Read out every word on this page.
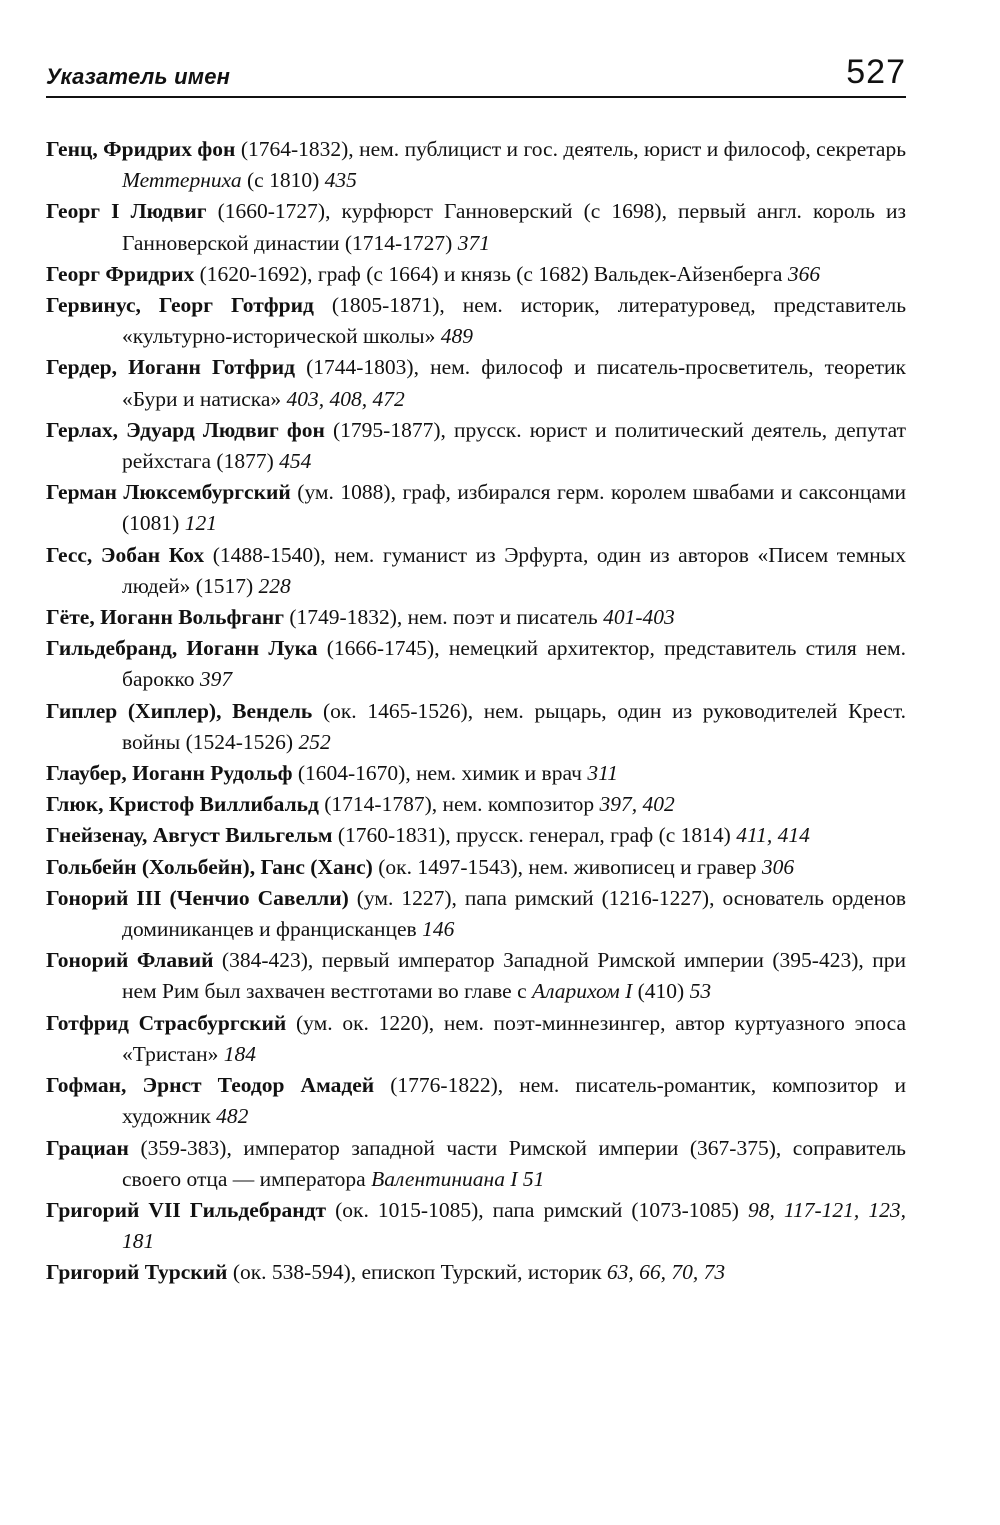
Указатель имен	527

Генц, Фридрих фон (1764-1832), нем. публицист и гос. деятель, юрист и философ, секретарь Меттерниха (с 1810) 435

Георг I Людвиг (1660-1727), курфюрст Ганноверский (с 1698), первый англ. король из Ганноверской династии (1714-1727) 371

Георг Фридрих (1620-1692), граф (с 1664) и князь (с 1682) Вальдек-Айзенберга 366

Гервинус, Георг Готфрид (1805-1871), нем. историк, литературовед, представитель «культурно-исторической школы» 489

Гердер, Иоганн Готфрид (1744-1803), нем. философ и писатель-просветитель, теоретик «Бури и натиска» 403, 408, 472

Герлах, Эдуард Людвиг фон (1795-1877), прусск. юрист и политический деятель, депутат рейхстага (1877) 454

Герман Люксембургский (ум. 1088), граф, избирался герм. королем швабами и саксонцами (1081) 121

Гесс, Эобан Кох (1488-1540), нем. гуманист из Эрфурта, один из авторов «Писем темных людей» (1517) 228

Гёте, Иоганн Вольфганг (1749-1832), нем. поэт и писатель 401-403

Гильдебранд, Иоганн Лука (1666-1745), немецкий архитектор, представитель стиля нем. барокко 397

Гиплер (Хиплер), Вендель (ок. 1465-1526), нем. рыцарь, один из руководителей Крест. войны (1524-1526) 252

Глаубер, Иоганн Рудольф (1604-1670), нем. химик и врач 311

Глюк, Кристоф Виллибальд (1714-1787), нем. композитор 397, 402

Гнейзенау, Август Вильгельм (1760-1831), прусск. генерал, граф (с 1814) 411, 414

Гольбейн (Хольбейн), Ганс (Ханс) (ок. 1497-1543), нем. живописец и гравер 306

Гонорий III (Ченчио Савелли) (ум. 1227), папа римский (1216-1227), основатель орденов доминиканцев и францисканцев 146

Гонорий Флавий (384-423), первый император Западной Римской империи (395-423), при нем Рим был захвачен вестготами во главе с Аларихом I (410) 53

Готфрид Страсбургский (ум. ок. 1220), нем. поэт-миннезингер, автор куртуазного эпоса «Тристан» 184

Гофман, Эрнст Теодор Амадей (1776-1822), нем. писатель-романтик, композитор и художник 482

Грациан (359-383), император западной части Римской империи (367-375), соправитель своего отца — императора Валентиниана I 51

Григорий VII Гильдебрандт (ок. 1015-1085), папа римский (1073-1085) 98, 117-121, 123, 181

Григорий Турский (ок. 538-594), епископ Турский, историк 63, 66, 70, 73
